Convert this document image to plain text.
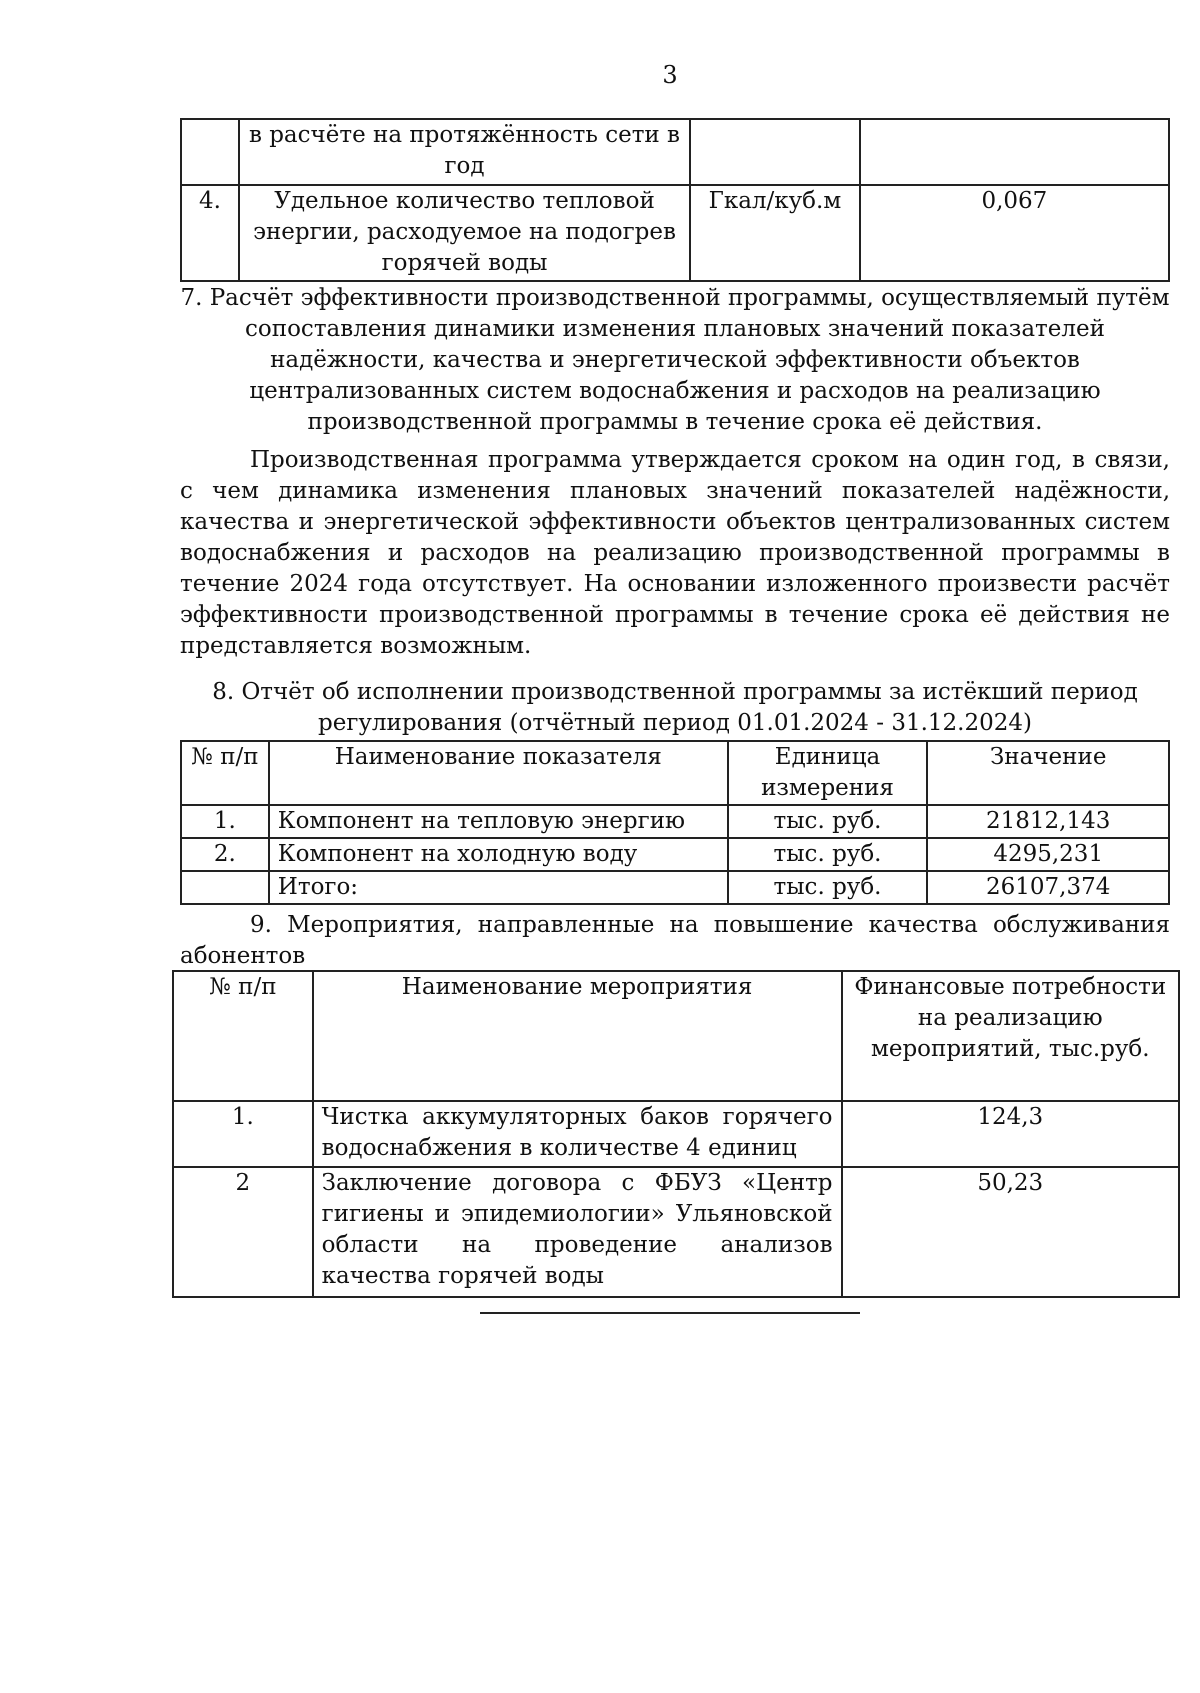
3
	в расчёте на протяжённость сети в год		
4.	Удельное количество тепловой энергии, расходуемое на подогрев горячей воды	Гкал/куб.м	0,067

7. Расчёт эффективности производственной программы, осуществляемый путём сопоставления динамики изменения плановых значений показателей надёжности, качества и энергетической эффективности объектов централизованных систем водоснабжения и расходов на реализацию производственной программы в течение срока её действия.

Производственная программа утверждается сроком на один год, в связи, с чем динамика изменения плановых значений показателей надёжности, качества и энергетической эффективности объектов централизованных систем водоснабжения и расходов на реализацию производственной программы в течение 2024 года отсутствует. На основании изложенного произвести расчёт эффективности производственной программы в течение срока её действия не представляется возможным.

8. Отчёт об исполнении производственной программы за истёкший период регулирования (отчётный период 01.01.2024 - 31.12.2024)

№ п/п	Наименование показателя	Единица измерения	Значение
1.	Компонент на тепловую энергию	тыс. руб.	21812,143
2.	Компонент на холодную воду	тыс. руб.	4295,231
	Итого:	тыс. руб.	26107,374

9. Мероприятия, направленные на повышение качества обслуживания абонентов

№ п/п	Наименование мероприятия	Финансовые потребности на реализацию мероприятий, тыс.руб.
1.	Чистка аккумуляторных баков горячего водоснабжения в количестве 4 единиц	124,3
2	Заключение договора с ФБУЗ «Центр гигиены и эпидемиологии» Ульяновской области на проведение анализов качества горячей воды	50,23
